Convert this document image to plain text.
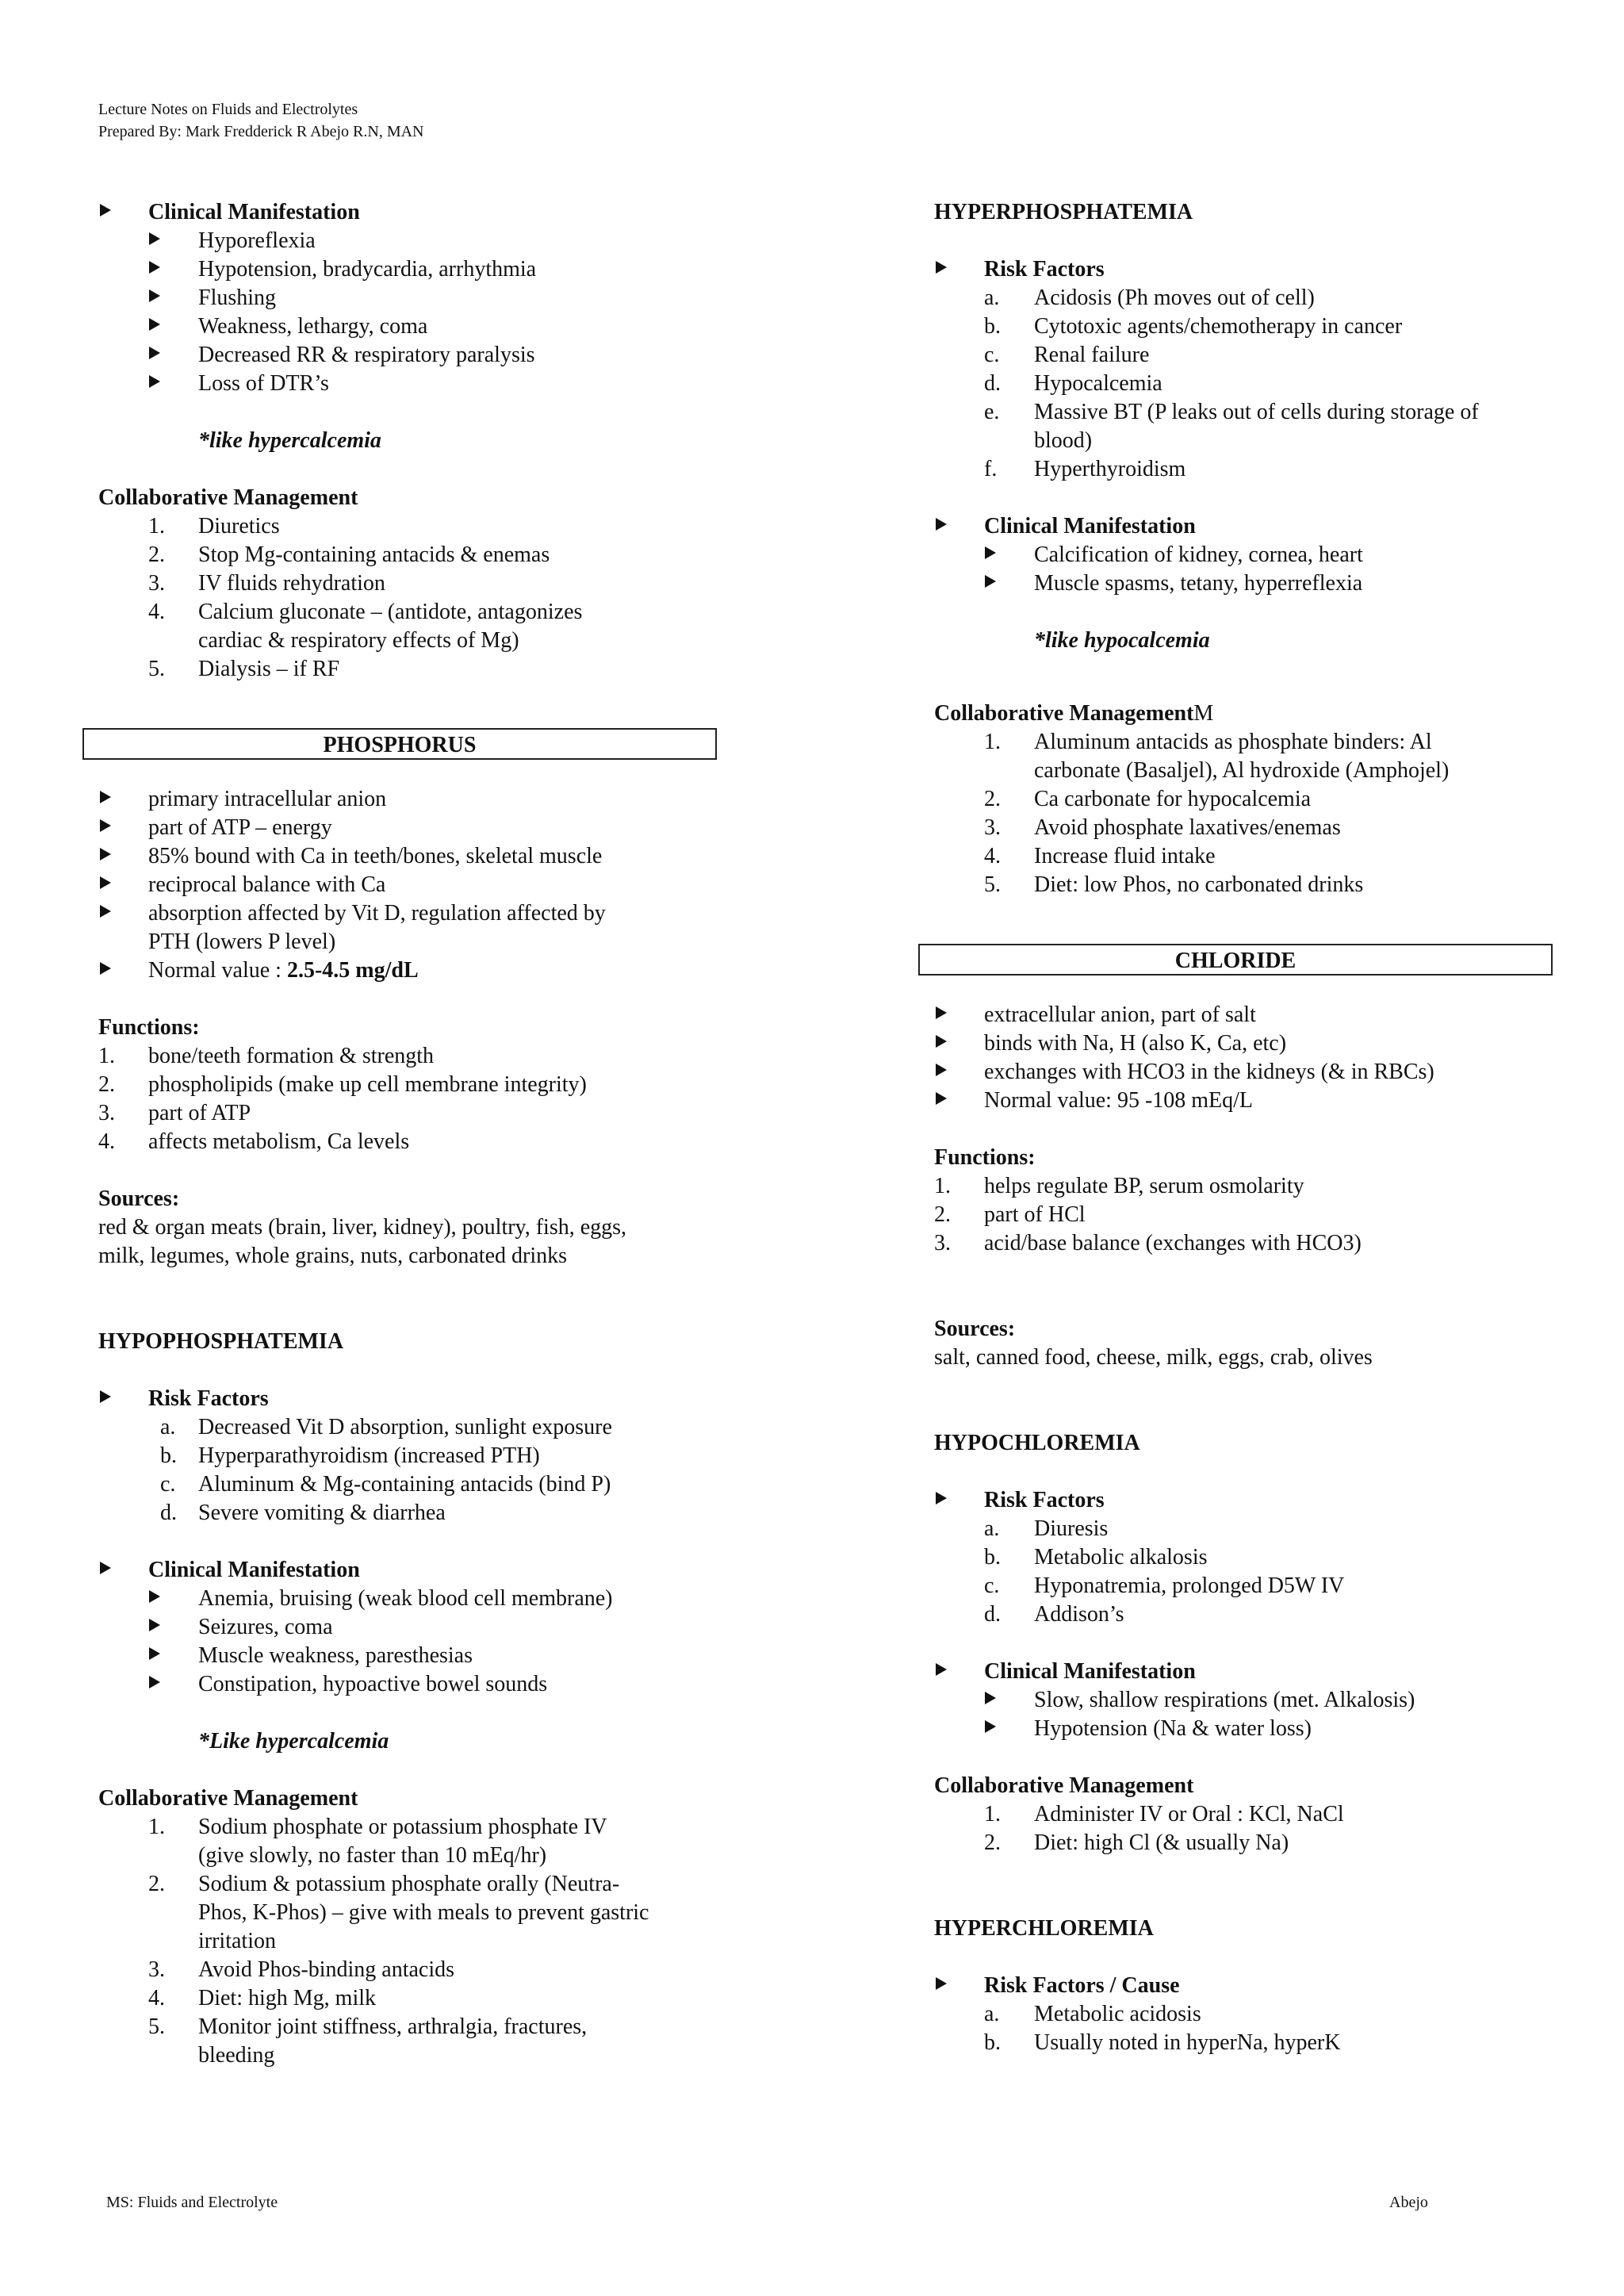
Lecture Notes on Fluids and Electrolytes
Prepared By: Mark Fredderick R Abejo R.N, MAN
Clinical Manifestation
Hyporeflexia
Hypotension, bradycardia, arrhythmia
Flushing
Weakness, lethargy, coma
Decreased RR & respiratory paralysis
Loss of DTR’s
*like hypercalcemia
Collaborative Management
1. Diuretics
2. Stop Mg-containing antacids & enemas
3. IV fluids rehydration
4. Calcium gluconate – (antidote, antagonizes
cardiac & respiratory effects of Mg)
5. Dialysis – if RF
PHOSPHORUS
primary intracellular anion
part of ATP – energy
85% bound with Ca in teeth/bones, skeletal muscle
reciprocal balance with Ca
absorption affected by Vit D, regulation affected by
PTH (lowers P level)
Normal value : 2.5-4.5 mg/dL
Functions:
1. bone/teeth formation & strength
2. phospholipids (make up cell membrane integrity)
3. part of ATP
4. affects metabolism, Ca levels
Sources:
red & organ meats (brain, liver, kidney), poultry, fish, eggs,
milk, legumes, whole grains, nuts, carbonated drinks
HYPOPHOSPHATEMIA
Risk Factors
a. Decreased Vit D absorption, sunlight exposure
b. Hyperparathyroidism (increased PTH)
c. Aluminum & Mg-containing antacids (bind P)
d. Severe vomiting & diarrhea
Clinical Manifestation
Anemia, bruising (weak blood cell membrane)
Seizures, coma
Muscle weakness, paresthesias
Constipation, hypoactive bowel sounds
*Like hypercalcemia
Collaborative Management
1. Sodium phosphate or potassium phosphate IV
(give slowly, no faster than 10 mEq/hr)
2. Sodium & potassium phosphate orally (Neutra-
Phos, K-Phos) – give with meals to prevent gastric
irritation
3. Avoid Phos-binding antacids
4. Diet: high Mg, milk
5. Monitor joint stiffness, arthralgia, fractures,
bleeding
HYPERPHOSPHATEMIA
Risk Factors
a. Acidosis (Ph moves out of cell)
b. Cytotoxic agents/chemotherapy in cancer
c. Renal failure
d. Hypocalcemia
e. Massive BT (P leaks out of cells during storage of
blood)
f. Hyperthyroidism
Clinical Manifestation
Calcification of kidney, cornea, heart
Muscle spasms, tetany, hyperreflexia
*like hypocalcemia
Collaborative ManagementM
1. Aluminum antacids as phosphate binders: Al
carbonate (Basaljel), Al hydroxide (Amphojel)
2. Ca carbonate for hypocalcemia
3. Avoid phosphate laxatives/enemas
4. Increase fluid intake
5. Diet: low Phos, no carbonated drinks
CHLORIDE
extracellular anion, part of salt
binds with Na, H (also K, Ca, etc)
exchanges with HCO3 in the kidneys (& in RBCs)
Normal value: 95 -108 mEq/L
Functions:
1. helps regulate BP, serum osmolarity
2. part of HCl
3. acid/base balance (exchanges with HCO3)
Sources:
salt, canned food, cheese, milk, eggs, crab, olives
HYPOCHLOREMIA
Risk Factors
a. Diuresis
b. Metabolic alkalosis
c. Hyponatremia, prolonged D5W IV
d. Addison’s
Clinical Manifestation
Slow, shallow respirations (met. Alkalosis)
Hypotension (Na & water loss)
Collaborative Management
1. Administer IV or Oral : KCl, NaCl
2. Diet: high Cl (& usually Na)
HYPERCHLOREMIA
Risk Factors / Cause
a. Metabolic acidosis
b. Usually noted in hyperNa, hyperK
MS: Fluids and Electrolyte	Abejo
